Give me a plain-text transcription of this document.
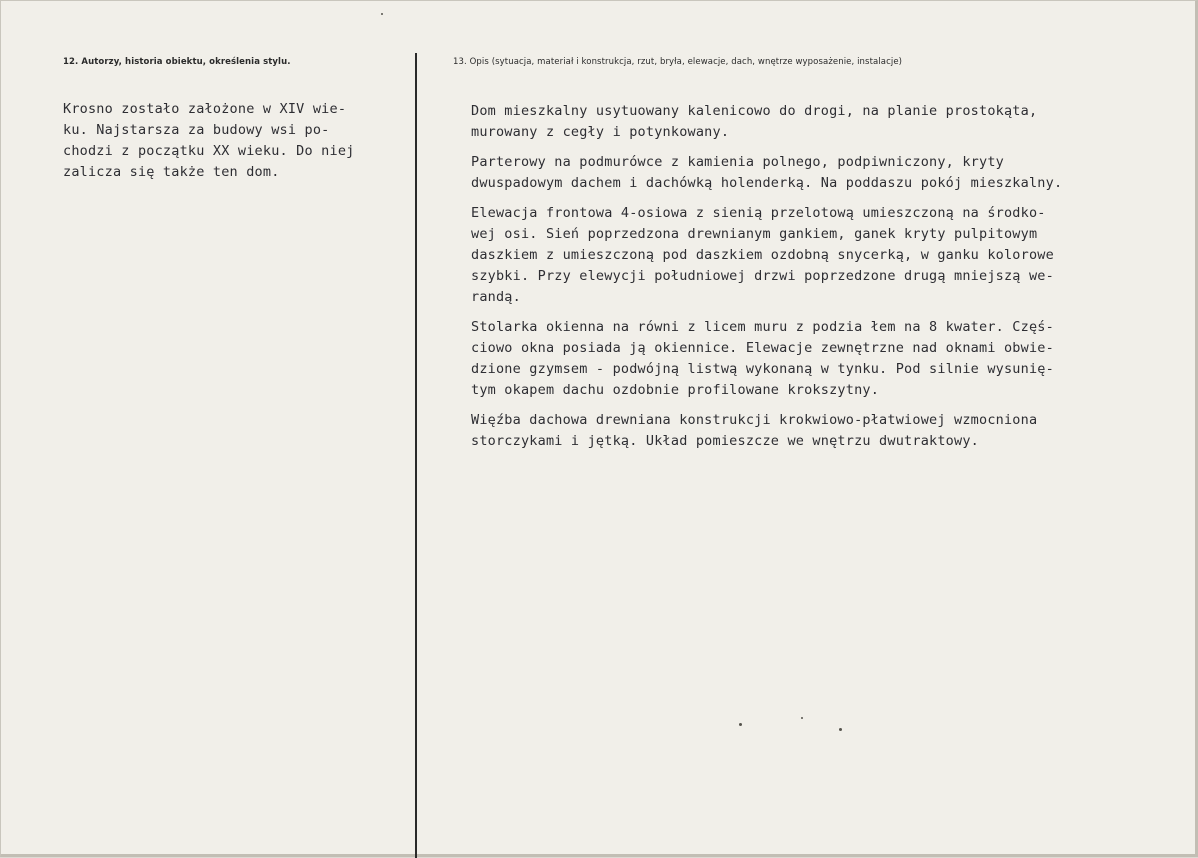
12. Autorzy, historia obiektu, określenia stylu.	13. Opis (sytuacja, materiał i konstrukcja, rzut, bryła, elewacje, dach, wnętrze wyposażenie, instalacje)
Krosno zostało założone w XIV wie-
ku. Najstarsza za budowy wsi po-
chodzi z początku XX wieku. Do niej
zalicza się także ten dom.
Dom mieszkalny usytuowany kalenicowo do drogi, na planie prostokąta,
murowany z cegły i potynkowany.
Parterowy na podmurówce z kamienia polnego, podpiwniczony, kryty
dwuspadowym dachem i dachówką holenderką. Na poddaszu pokój mieszkalny.
Elewacja frontowa 4-osiowa z sienią przelotową umieszczoną na środko-
wej osi. Sień poprzedzona drewnianym gankiem, ganek kryty pulpitowym
daszkiem z umieszczoną pod daszkiem ozdobną snycerką, w ganku kolorowe
szybki. Przy elewycji południowej drzwi poprzedzone drugą mniejszą we-
randą.
Stolarka okienna na równi z licem muru z podzia łem na 8 kwater. Częś-
ciowo okna posiada ją okiennice. Elewacje zewnętrzne nad oknami obwie-
dzione gzymsem - podwójną listwą wykonaną w tynku. Pod silnie wysunię-
tym okapem dachu ozdobnie profilowane krokszytny.
Więźba dachowa drewniana konstrukcji krokwiowo-płatwiowej wzmocniona
storczykami i jętką. Układ pomieszcze we wnętrzu dwutraktowy.
